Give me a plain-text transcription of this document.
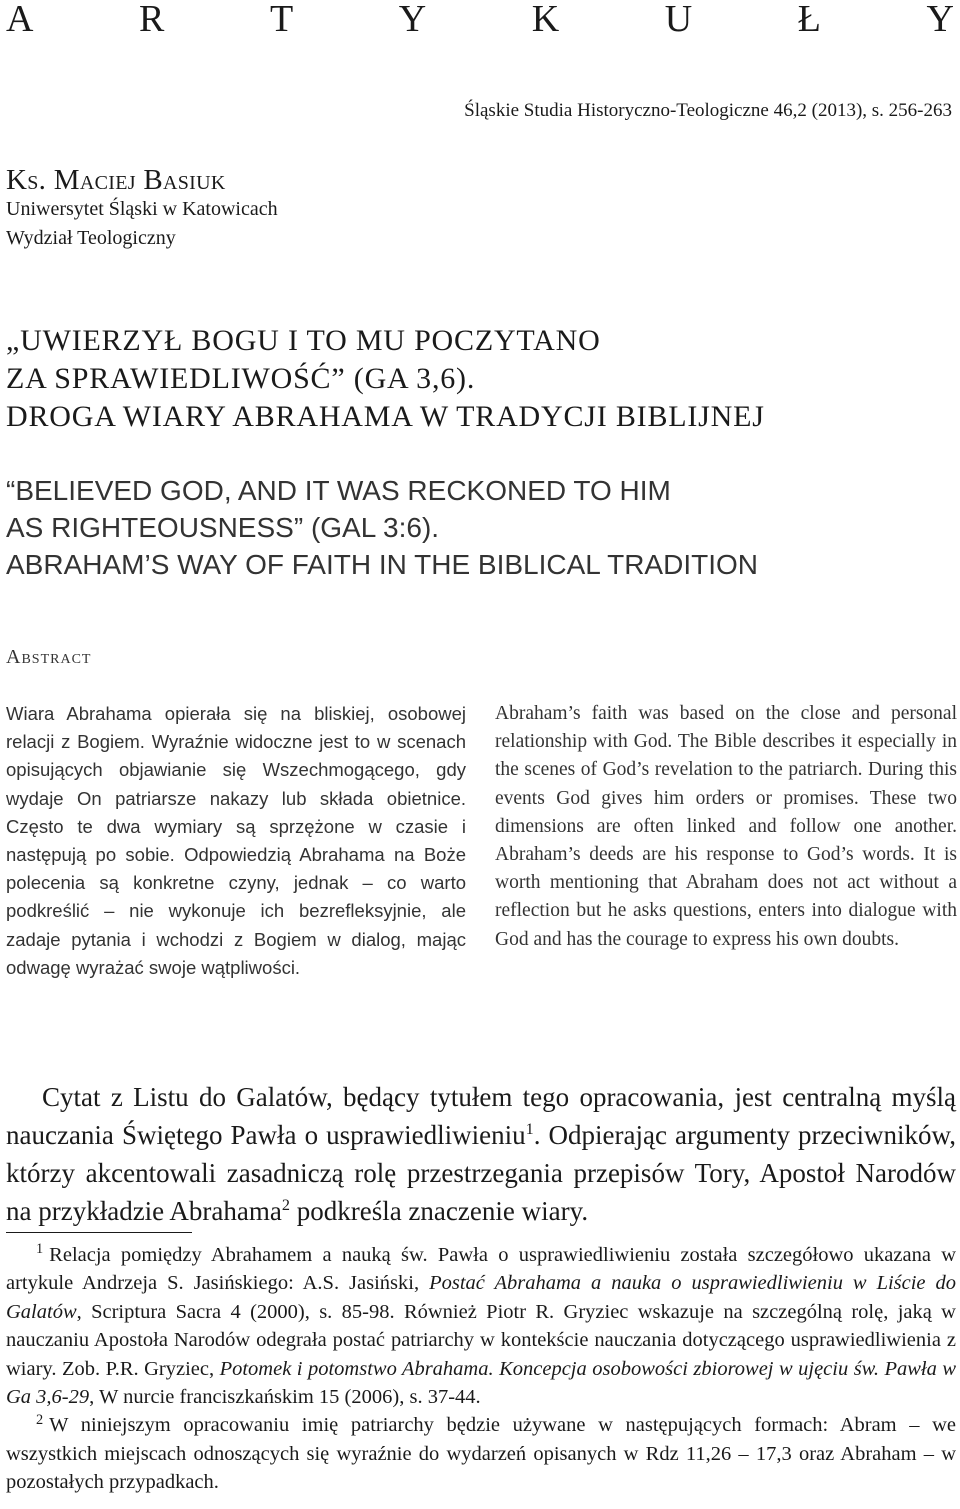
A	R	T	Y	K	U	Ł	Y
Śląskie Studia Historyczno-Teologiczne 46,2 (2013), s. 256-263
Ks. Maciej Basiuk
Uniwersytet Śląski w Katowicach
Wydział Teologiczny
„UWIERZYŁ BOGU I TO MU POCZYTANO
ZA SPRAWIEDLIWOŚĆ” (GA 3,6).
DROGA WIARY ABRAHAMA W TRADYCJI BIBLIJNEJ
“BELIEVED GOD, AND IT WAS RECKONED TO HIM
AS RIGHTEOUSNESS” (GAL 3:6).
ABRAHAM’S WAY OF FAITH IN THE BIBLICAL TRADITION
Abstract
Wiara Abrahama opierała się na bliskiej, osobowej relacji z Bogiem. Wyraźnie widoczne jest to w scenach opisujących objawianie się Wszechmogącego, gdy wydaje On patriarsze nakazy lub składa obietnice. Często te dwa wymiary są sprzężone w czasie i następują po sobie. Odpowiedzią Abrahama na Boże polecenia są konkretne czyny, jednak – co warto podkreślić – nie wykonuje ich bezrefleksyjnie, ale zadaje pytania i wchodzi z Bogiem w dialog, mając odwagę wyrażać swoje wątpliwości.
Abraham’s faith was based on the close and personal relationship with God. The Bible describes it especially in the scenes of God’s revelation to the patriarch. During this events God gives him orders or promises. These two dimensions are often linked and follow one another. Abraham’s deeds are his response to God’s words. It is worth mentioning that Abraham does not act without a reflection but he asks questions, enters into dialogue with God and has the courage to express his own doubts.
Cytat z Listu do Galatów, będący tytułem tego opracowania, jest centralną myślą nauczania Świętego Pawła o usprawiedliwieniu$^1$. Odpierając argumenty przeciwników, którzy akcentowali zasadniczą rolę przestrzegania przepisów Tory, Apostoł Narodów na przykładzie Abrahama$^2$ podkreśla znaczenie wiary.

$^1$ Relacja pomiędzy Abrahamem a nauką św. Pawła o usprawiedliwieniu została szczegółowo ukazana w artykule Andrzeja S. Jasińskiego: A.S. Jasiński, Postać Abrahama a nauka o usprawiedliwieniu w Liście do Galatów, Scriptura Sacra 4 (2000), s. 85-98. Również Piotr R. Gryziec wskazuje na szczególną rolę, jaką w nauczaniu Apostoła Narodów odegrała postać patriarchy w kontekście nauczania dotyczącego usprawiedliwienia z wiary. Zob. P.R. Gryziec, Potomek i potomstwo Abrahama. Koncepcja osobowości zbiorowej w ujęciu św. Pawła w Ga 3,6-29, W nurcie franciszkańskim 15 (2006), s. 37-44.

$^2$ W niniejszym opracowaniu imię patriarchy będzie używane w następujących formach: Abram – we wszystkich miejscach odnoszących się wyraźnie do wydarzeń opisanych w Rdz 11,26 – 17,3 oraz Abraham – w pozostałych przypadkach.
